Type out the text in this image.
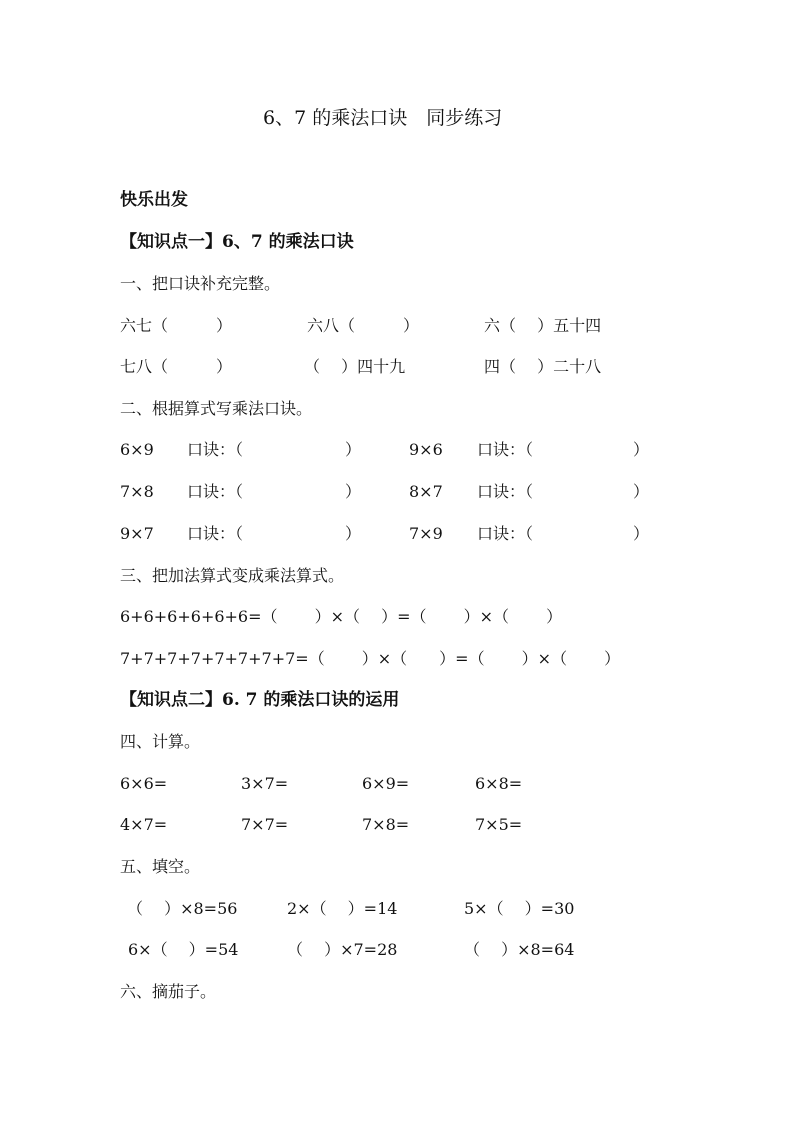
6、7 的乘法口诀　同步练习
快乐出发
【知识点一】6、7 的乘法口诀
一、把口诀补充完整。
六七（　　　）	六八（　　　）	六（　 ）五十四
七八（　　　）	（　 ）四十九	四（　 ）二十八
二、根据算式写乘法口诀。
6×9 口诀：（	）	9×6 口诀：（	）
7×8 口诀：（	）	8×7 口诀：（	）
9×7 口诀：（	）	7×9 口诀：（	）
三、把加法算式变成乘法算式。
6+6+6+6+6+6=（　　 ）×（　 ）=（　　 ）×（　　 ）
7+7+7+7+7+7+7+7=（　　 ）×（　　）=（　　 ）×（　　 ）
【知识点二】6. 7 的乘法口诀的运用
四、计算。
6×6=	3×7=	6×9=	6×8=
4×7=	7×7=	7×8=	7×5=
五、填空。
（　 ）×8=56	2×（　 ）=14	5×（　 ）=30
6×（　 ）=54	（　 ）×7=28	（　 ）×8=64
六、摘茄子。
